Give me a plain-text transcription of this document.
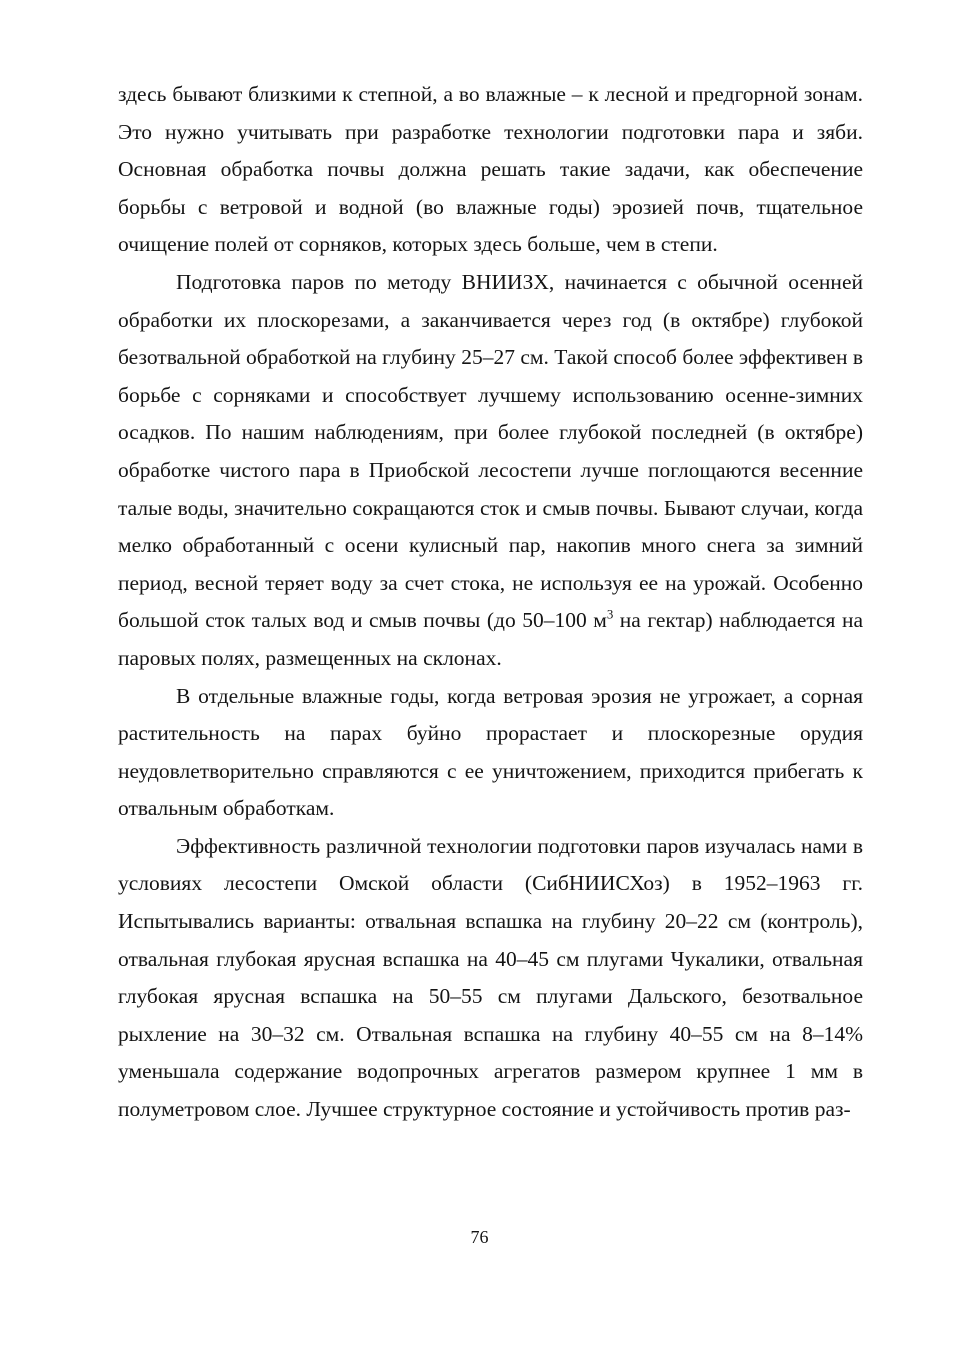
здесь бывают близкими к степной, а во влажные – к лесной и предгорной зонам. Это нужно учитывать при разработке технологии подготовки пара и зяби. Основная обработка почвы должна решать такие задачи, как обеспечение борьбы с ветровой и водной (во влажные годы) эрозией почв, тщательное очищение полей от сорняков, которых здесь больше, чем в степи.

Подготовка паров по методу ВНИИЗХ, начинается с обычной осенней обработки их плоскорезами, а заканчивается через год (в октябре) глубокой безотвальной обработкой на глубину 25–27 см. Такой способ более эффективен в борьбе с сорняками и способствует лучшему использованию осенне-зимних осадков. По нашим наблюдениям, при более глубокой последней (в октябре) обработке чистого пара в Приобской лесостепи лучше поглощаются весенние талые воды, значительно сокращаются сток и смыв почвы. Бывают случаи, когда мелко обработанный с осени кулисный пар, накопив много снега за зимний период, весной теряет воду за счет стока, не используя ее на урожай. Особенно большой сток талых вод и смыв почвы (до 50–100 $м^3$ на гектар) наблюдается на паровых полях, размещенных на склонах.

В отдельные влажные годы, когда ветровая эрозия не угрожает, а сорная растительность на парах буйно прорастает и плоскорезные орудия неудовлетворительно справляются с ее уничтожением, приходится прибегать к отвальным обработкам.

Эффективность различной технологии подготовки паров изучалась нами в условиях лесостепи Омской области (СибНИИСХоз) в 1952–1963 гг. Испытывались варианты: отвальная вспашка на глубину 20–22 см (контроль), отвальная глубокая ярусная вспашка на 40–45 см плугами Чукалики, отвальная глубокая ярусная вспашка на 50–55 см плугами Дальского, безотвальное рыхление на 30–32 см. Отвальная вспашка на глубину 40–55 см на 8–14% уменьшала содержание водопрочных агрегатов размером крупнее 1 мм в полуметровом слое. Лучшее структурное состояние и устойчивость против раз-

76
